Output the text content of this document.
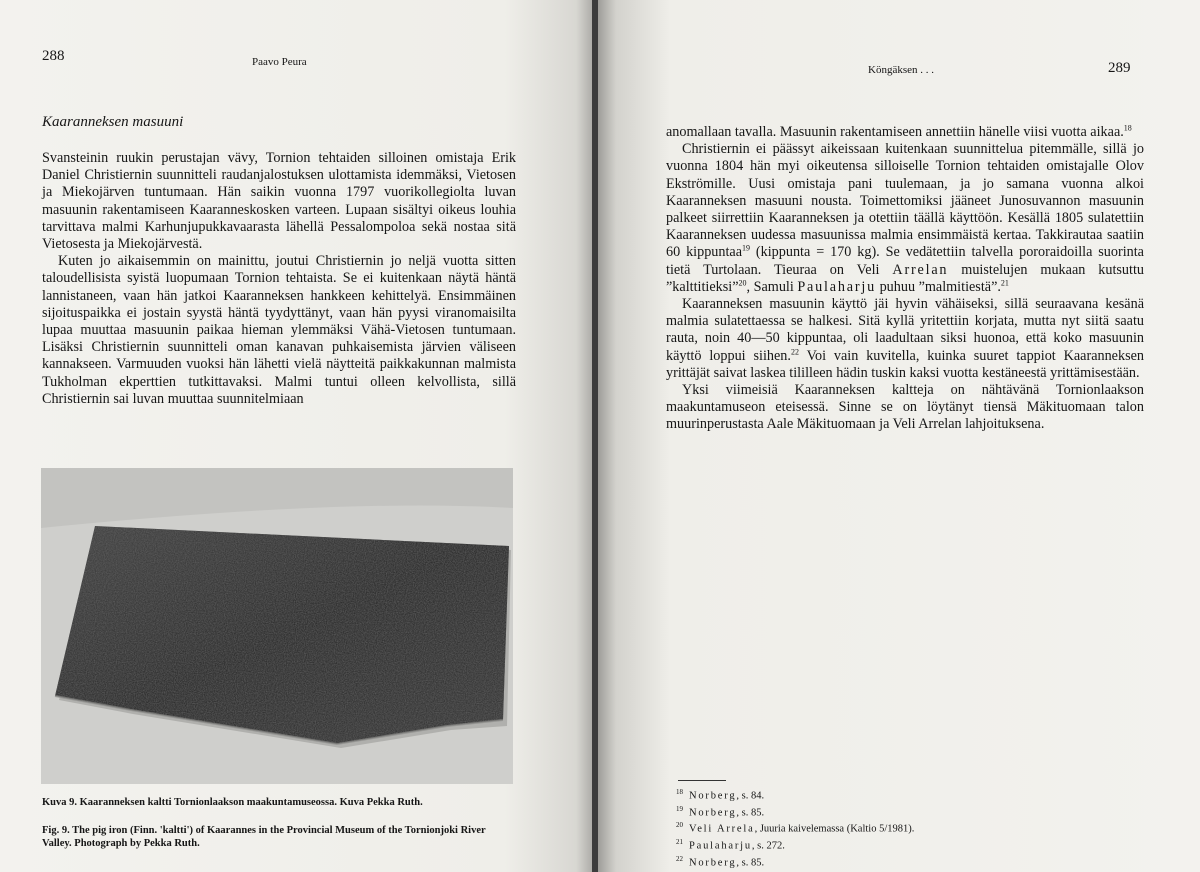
288	Paavo Peura
Kaaranneksen masuuni

Svansteinin ruukin perustajan vävy, Tornion tehtaiden silloinen omistaja Erik Daniel Christiernin suunnitteli raudanjalostuksen ulottamista idemmäksi, Vietosen ja Miekojärven tuntumaan. Hän saikin vuonna 1797 vuorikollegiolta luvan masuunin rakentamiseen Kaaranneskosken varteen. Lupaan sisältyi oikeus louhia tarvittava malmi Karhunjupukkavaarasta lähellä Pessalompoloa sekä nostaa sitä Vietosesta ja Miekojärvestä.

Kuten jo aikaisemmin on mainittu, joutui Christiernin jo neljä vuotta sitten taloudellisista syistä luopumaan Tornion tehtaista. Se ei kuitenkaan näytä häntä lannistaneen, vaan hän jatkoi Kaaranneksen hankkeen kehittelyä. Ensimmäinen sijoituspaikka ei jostain syystä häntä tyydyttänyt, vaan hän pyysi viranomaisilta lupaa muuttaa masuunin paikaa hieman ylemmäksi Vähä-Vietosen tuntumaan. Lisäksi Christiernin suunnitteli oman kanavan puhkaisemista järvien väliseen kannakseen. Varmuuden vuoksi hän lähetti vielä näytteitä paikkakunnan malmista Tukholman ekperttien tutkittavaksi. Malmi tuntui olleen kelvollista, sillä Christiernin sai luvan muuttaa suunnitelmiaan

Kuva 9. Kaaranneksen kaltti Tornionlaakson maakuntamuseossa. Kuva Pekka Ruth.
Fig. 9. The pig iron (Finn. 'kaltti') of Kaarannes in the Provincial Museum of the Tornionjoki River Valley. Photograph by Pekka Ruth.
Köngäksen . . .	289

anomallaan tavalla. Masuunin rakentamiseen annettiin hänelle viisi vuotta aikaa.$^{18}$

Christiernin ei päässyt aikeissaan kuitenkaan suunnittelua pitemmälle, sillä jo vuonna 1804 hän myi oikeutensa silloiselle Tornion tehtaiden omistajalle Olov Ekströmille. Uusi omistaja pani tuulemaan, ja jo samana vuonna alkoi Kaaranneksen masuuni nousta. Toimettomiksi jääneet Junosuvannon masuunin palkeet siirrettiin Kaaranneksen ja otettiin täällä käyttöön. Kesällä 1805 sulatettiin Kaaranneksen uudessa masuunissa malmia ensimmäistä kertaa. Takkirautaa saatiin 60 kippuntaa$^{19}$ (kippunta = 170 kg). Se vedätettiin talvella pororaidoilla suorinta tietä Turtolaan. Tieuraa on Veli Arrelan muistelujen mukaan kutsuttu ”kalttitieksi”$^{20}$, Samuli Paulaharju puhuu ”malmitiestä”.$^{21}$

Kaaranneksen masuunin käyttö jäi hyvin vähäiseksi, sillä seuraavana kesänä malmia sulatettaessa se halkesi. Sitä kyllä yritettiin korjata, mutta nyt siitä saatu rauta, noin 40—50 kippuntaa, oli laadultaan siksi huonoa, että koko masuunin käyttö loppui siihen.$^{22}$ Voi vain kuvitella, kuinka suuret tappiot Kaaranneksen yrittäjät saivat laskea tililleen hädin tuskin kaksi vuotta kestäneestä yrittämisestään.

Yksi viimeisiä Kaaranneksen kaltteja on nähtävänä Tornionlaakson maakuntamuseon eteisessä. Sinne se on löytänyt tiensä Mäkituomaan talon muurinperustasta Aale Mäkituomaan ja Veli Arrelan lahjoituksena.

$^{18}$ Norberg, s. 84.
$^{19}$ Norberg, s. 85.
$^{20}$ Veli Arrela, Juuria kaivelemassa (Kaltio 5/1981).
$^{21}$ Paulaharju, s. 272.
$^{22}$ Norberg, s. 85.
